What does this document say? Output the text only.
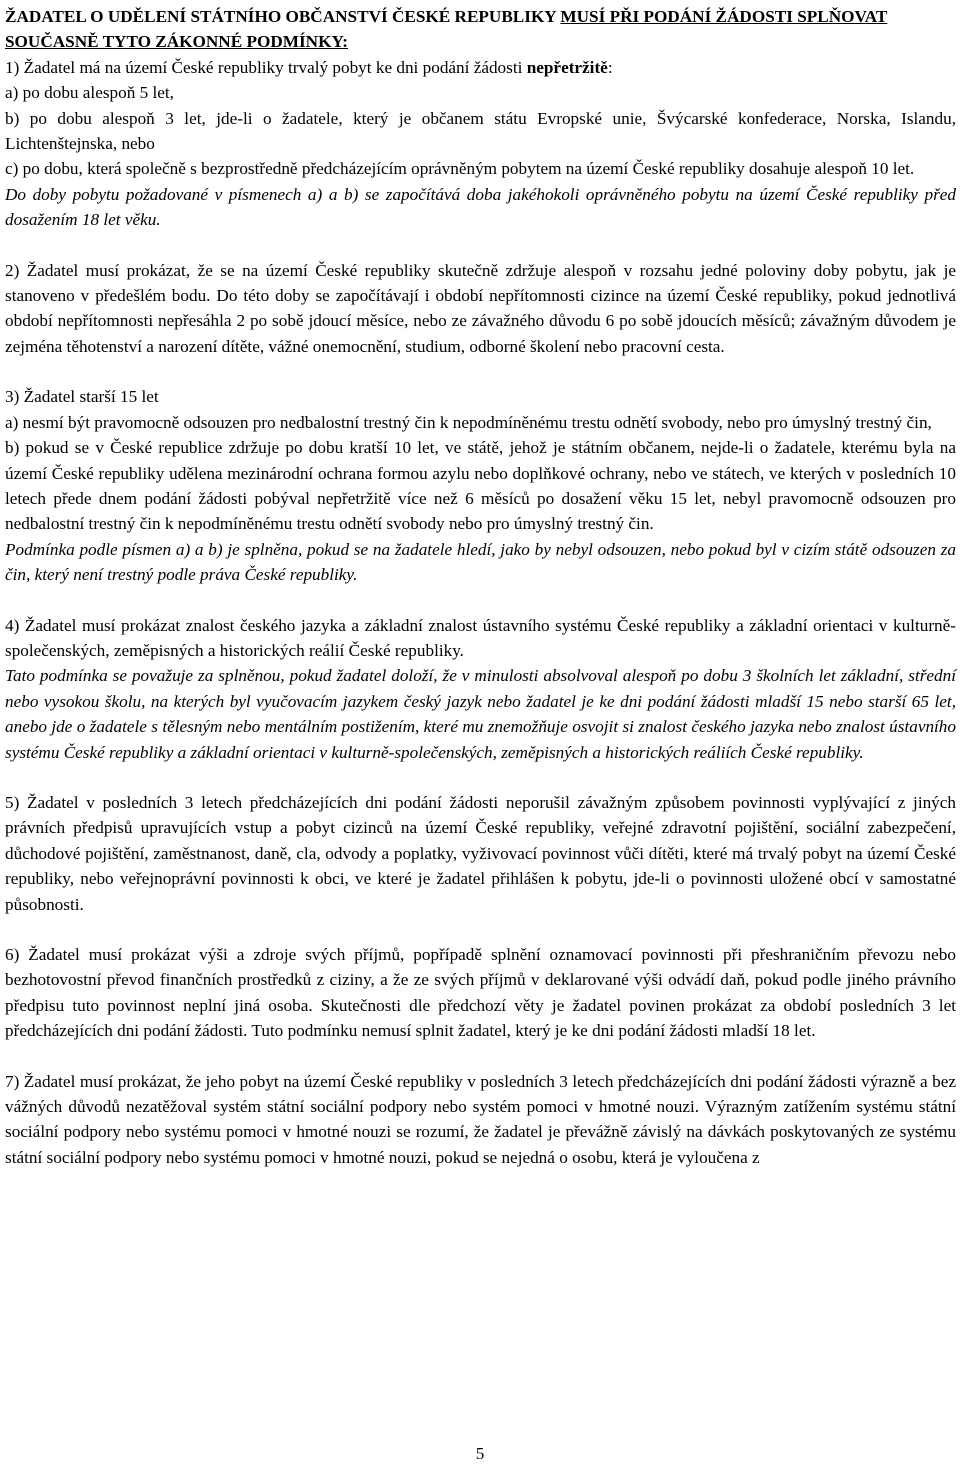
ŽADATEL O UDĚLENÍ STÁTNÍHO OBČANSTVÍ ČESKÉ REPUBLIKY MUSÍ PŘI PODÁNÍ ŽÁDOSTI SPLŇOVAT SOUČASNĚ TYTO ZÁKONNÉ PODMÍNKY:

1) Žadatel má na území České republiky trvalý pobyt ke dni podání žádosti nepřetržitě:

a) po dobu alespoň 5 let,

b) po dobu alespoň 3 let, jde-li o žadatele, který je občanem státu Evropské unie, Švýcarské konfederace, Norska, Islandu, Lichtenštejnska, nebo

c) po dobu, která společně s bezprostředně předcházejícím oprávněným pobytem na území České republiky dosahuje alespoň 10 let.

Do doby pobytu požadované v písmenech a) a b) se započítává doba jakéhokoli oprávněného pobytu na území České republiky před dosažením 18 let věku.

2) Žadatel musí prokázat, že se na území České republiky skutečně zdržuje alespoň v rozsahu jedné poloviny doby pobytu, jak je stanoveno v předešlém bodu. Do této doby se započítávají i období nepřítomnosti cizince na území České republiky, pokud jednotlivá období nepřítomnosti nepřesáhla 2 po sobě jdoucí měsíce, nebo ze závažného důvodu 6 po sobě jdoucích měsíců; závažným důvodem je zejména těhotenství a narození dítěte, vážné onemocnění, studium, odborné školení nebo pracovní cesta.

3) Žadatel starší 15 let

a) nesmí být pravomocně odsouzen pro nedbalostní trestný čin k nepodmíněnému trestu odnětí svobody, nebo pro úmyslný trestný čin,

b) pokud se v České republice zdržuje po dobu kratší 10 let, ve státě, jehož je státním občanem, nejde-li o žadatele, kterému byla na území České republiky udělena mezinárodní ochrana formou azylu nebo doplňkové ochrany, nebo ve státech, ve kterých v posledních 10 letech přede dnem podání žádosti pobýval nepřetržitě více než 6 měsíců po dosažení věku 15 let, nebyl pravomocně odsouzen pro nedbalostní trestný čin k nepodmíněnému trestu odnětí svobody nebo pro úmyslný trestný čin.

Podmínka podle písmen a) a b) je splněna, pokud se na žadatele hledí, jako by nebyl odsouzen, nebo pokud byl v cizím státě odsouzen za čin, který není trestný podle práva České republiky.

4) Žadatel musí prokázat znalost českého jazyka a základní znalost ústavního systému České republiky a základní orientaci v kulturně-společenských, zeměpisných a historických reálií České republiky.

Tato podmínka se považuje za splněnou, pokud žadatel doloží, že v minulosti absolvoval alespoň po dobu 3 školních let základní, střední nebo vysokou školu, na kterých byl vyučovacím jazykem český jazyk nebo žadatel je ke dni podání žádosti mladší 15 nebo starší 65 let, anebo jde o žadatele s tělesným nebo mentálním postižením, které mu znemožňuje osvojit si znalost českého jazyka nebo znalost ústavního systému České republiky a základní orientaci v kulturně-společenských, zeměpisných a historických reáliích České republiky.

5) Žadatel v posledních 3 letech předcházejících dni podání žádosti neporušil závažným způsobem povinnosti vyplývající z jiných právních předpisů upravujících vstup a pobyt cizinců na území České republiky, veřejné zdravotní pojištění, sociální zabezpečení, důchodové pojištění, zaměstnanost, daně, cla, odvody a poplatky, vyživovací povinnost vůči dítěti, které má trvalý pobyt na území České republiky, nebo veřejnoprávní povinnosti k obci, ve které je žadatel přihlášen k pobytu, jde-li o povinnosti uložené obcí v samostatné působnosti.

6) Žadatel musí prokázat výši a zdroje svých příjmů, popřípadě splnění oznamovací povinnosti při přeshraničním převozu nebo bezhotovostní převod finančních prostředků z ciziny, a že ze svých příjmů v deklarované výši odvádí daň, pokud podle jiného právního předpisu tuto povinnost neplní jiná osoba. Skutečnosti dle předchozí věty je žadatel povinen prokázat za období posledních 3 let předcházejících dni podání žádosti. Tuto podmínku nemusí splnit žadatel, který je ke dni podání žádosti mladší 18 let.

7) Žadatel musí prokázat, že jeho pobyt na území České republiky v posledních 3 letech předcházejících dni podání žádosti výrazně a bez vážných důvodů nezatěžoval systém státní sociální podpory nebo systém pomoci v hmotné nouzi. Výrazným zatížením systému státní sociální podpory nebo systému pomoci v hmotné nouzi se rozumí, že žadatel je převážně závislý na dávkách poskytovaných ze systému státní sociální podpory nebo systému pomoci v hmotné nouzi, pokud se nejedná o osobu, která je vyloučena z

5
